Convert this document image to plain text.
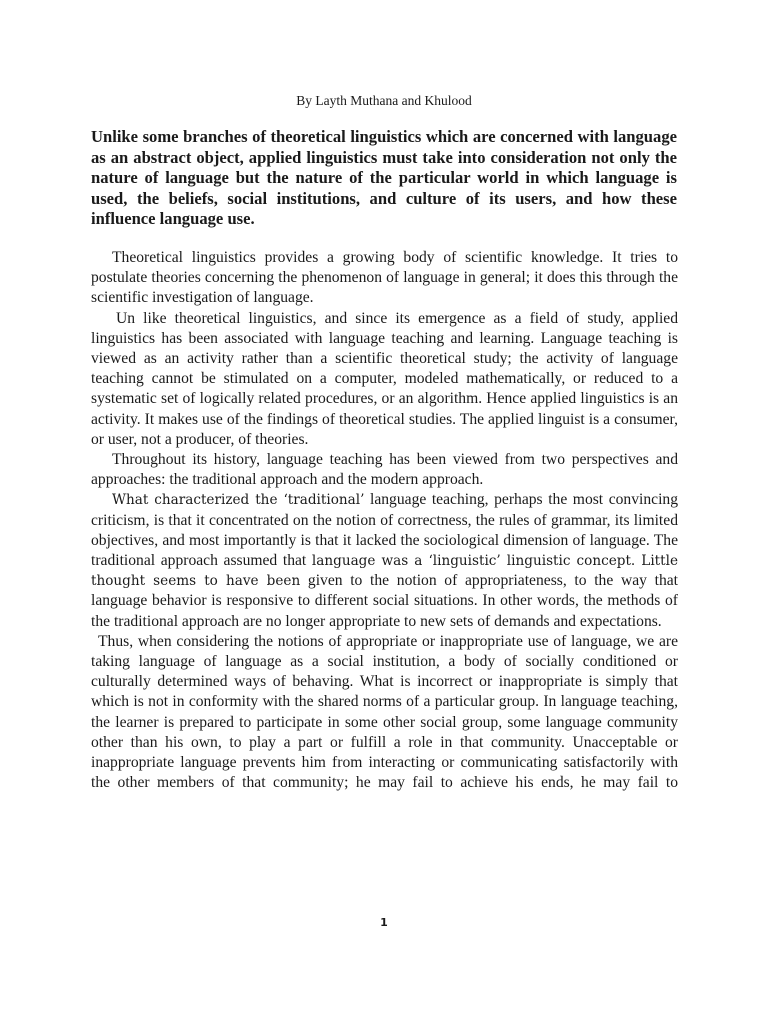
By Layth Muthana and Khulood
Unlike some branches of theoretical linguistics which are concerned with language as an abstract object, applied linguistics must take into consideration not only the nature of language but the nature of the particular world in which language is used, the beliefs, social institutions, and culture of its users, and how these influence language use.

Theoretical linguistics provides a growing body of scientific knowledge. It tries to postulate theories concerning the phenomenon of language in general; it does this through the scientific investigation of language.

Un like theoretical linguistics, and since its emergence as a field of study, applied linguistics has been associated with language teaching and learning. Language teaching is viewed as an activity rather than a scientific theoretical study; the activity of language teaching cannot be stimulated on a computer, modeled mathematically, or reduced to a systematic set of logically related procedures, or an algorithm. Hence applied linguistics is an activity. It makes use of the findings of theoretical studies. The applied linguist is a consumer, or user, not a producer, of theories.

Throughout its history, language teaching has been viewed from two perspectives and approaches: the traditional approach and the modern approach.

What characterized the ‘traditional’ language teaching, perhaps the most convincing criticism, is that it concentrated on the notion of correctness, the rules of grammar, its limited objectives, and most importantly is that it lacked the sociological dimension of language. The traditional approach assumed that language was a ‘linguistic’ linguistic concept. Little thought seems to have been given to the notion of appropriateness, to the way that language behavior is responsive to different social situations. In other words, the methods of the traditional approach are no longer appropriate to new sets of demands and expectations.

Thus, when considering the notions of appropriate or inappropriate use of language, we are taking language of language as a social institution, a body of socially conditioned or culturally determined ways of behaving. What is incorrect or inappropriate is simply that which is not in conformity with the shared norms of a particular group. In language teaching, the learner is prepared to participate in some other social group, some language community other than his own, to play a part or fulfill a role in that community. Unacceptable or inappropriate language prevents him from interacting or communicating satisfactorily with the other members of that community; he may fail to achieve his ends, he may fail to

1
